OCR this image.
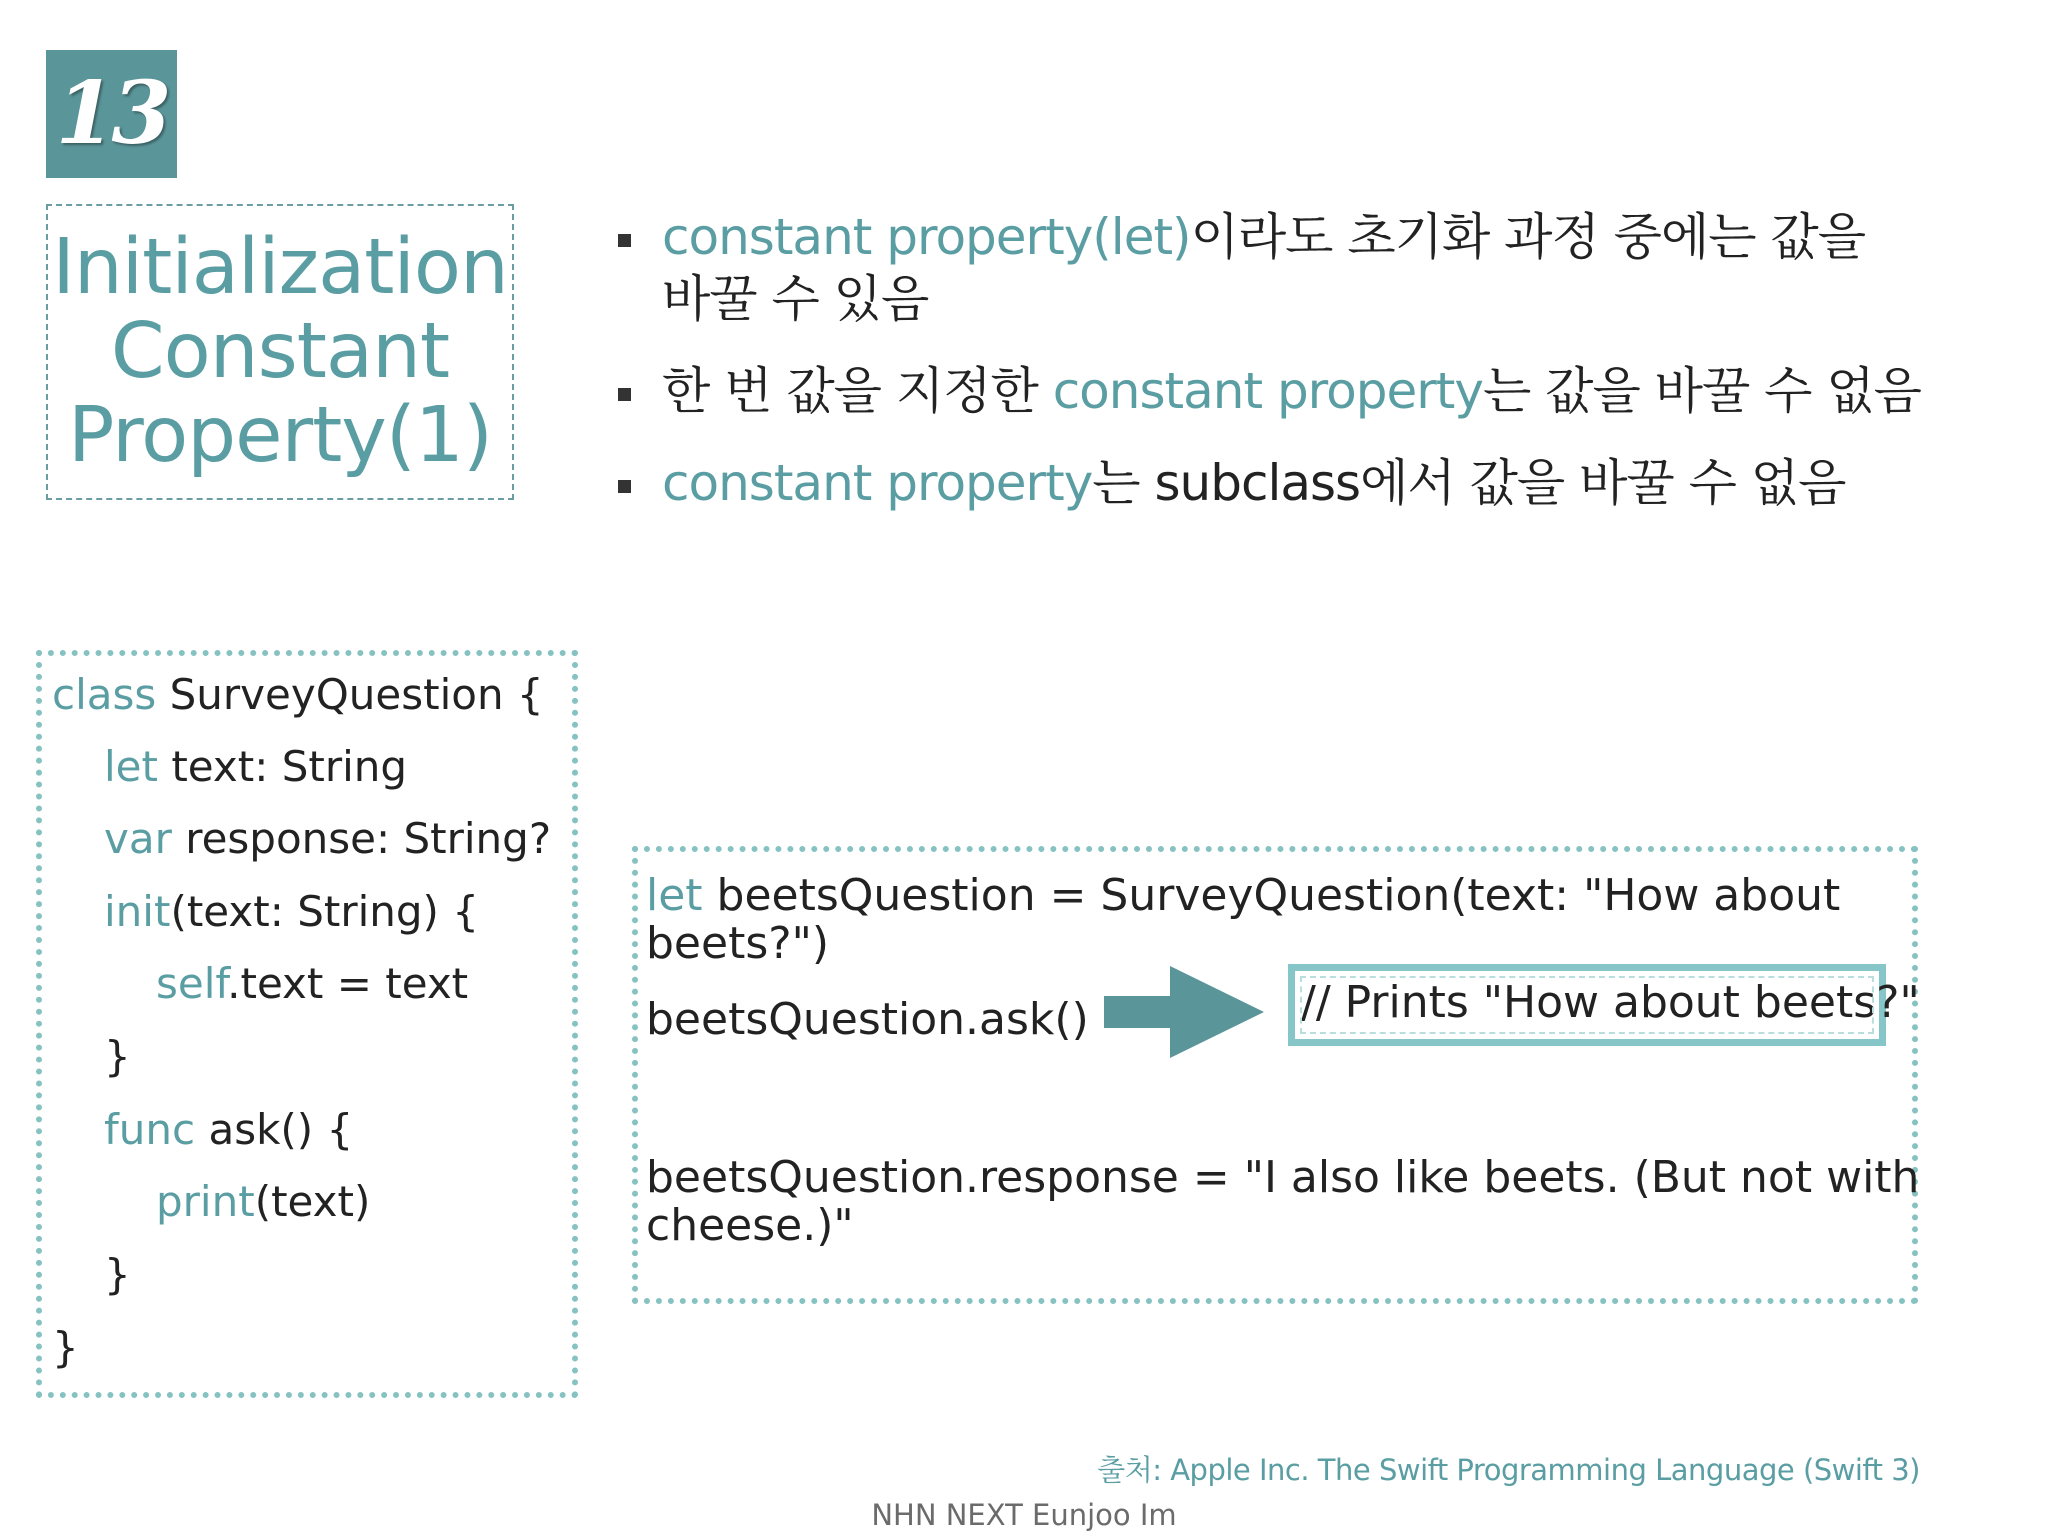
13
Initialization
Constant
Property(1)
constant property(let)이라도 초기화 과정 중에는 값을
바꿀 수 있음
한 번 값을 지정한 constant property는 값을 바꿀 수 없음
constant property는 subclass에서 값을 바꿀 수 없음
class SurveyQuestion {
let text: String
var response: String?
init(text: String) {
self.text = text
}
func ask() {
print(text)
}
}
let beetsQuestion = SurveyQuestion(text: "How about
beets?")
beetsQuestion.ask()
beetsQuestion.response = "I also like beets. (But not with
cheese.)"
// Prints "How about beets?"
출처: Apple Inc. The Swift Programming Language (Swift 3)
NHN NEXT Eunjoo Im
